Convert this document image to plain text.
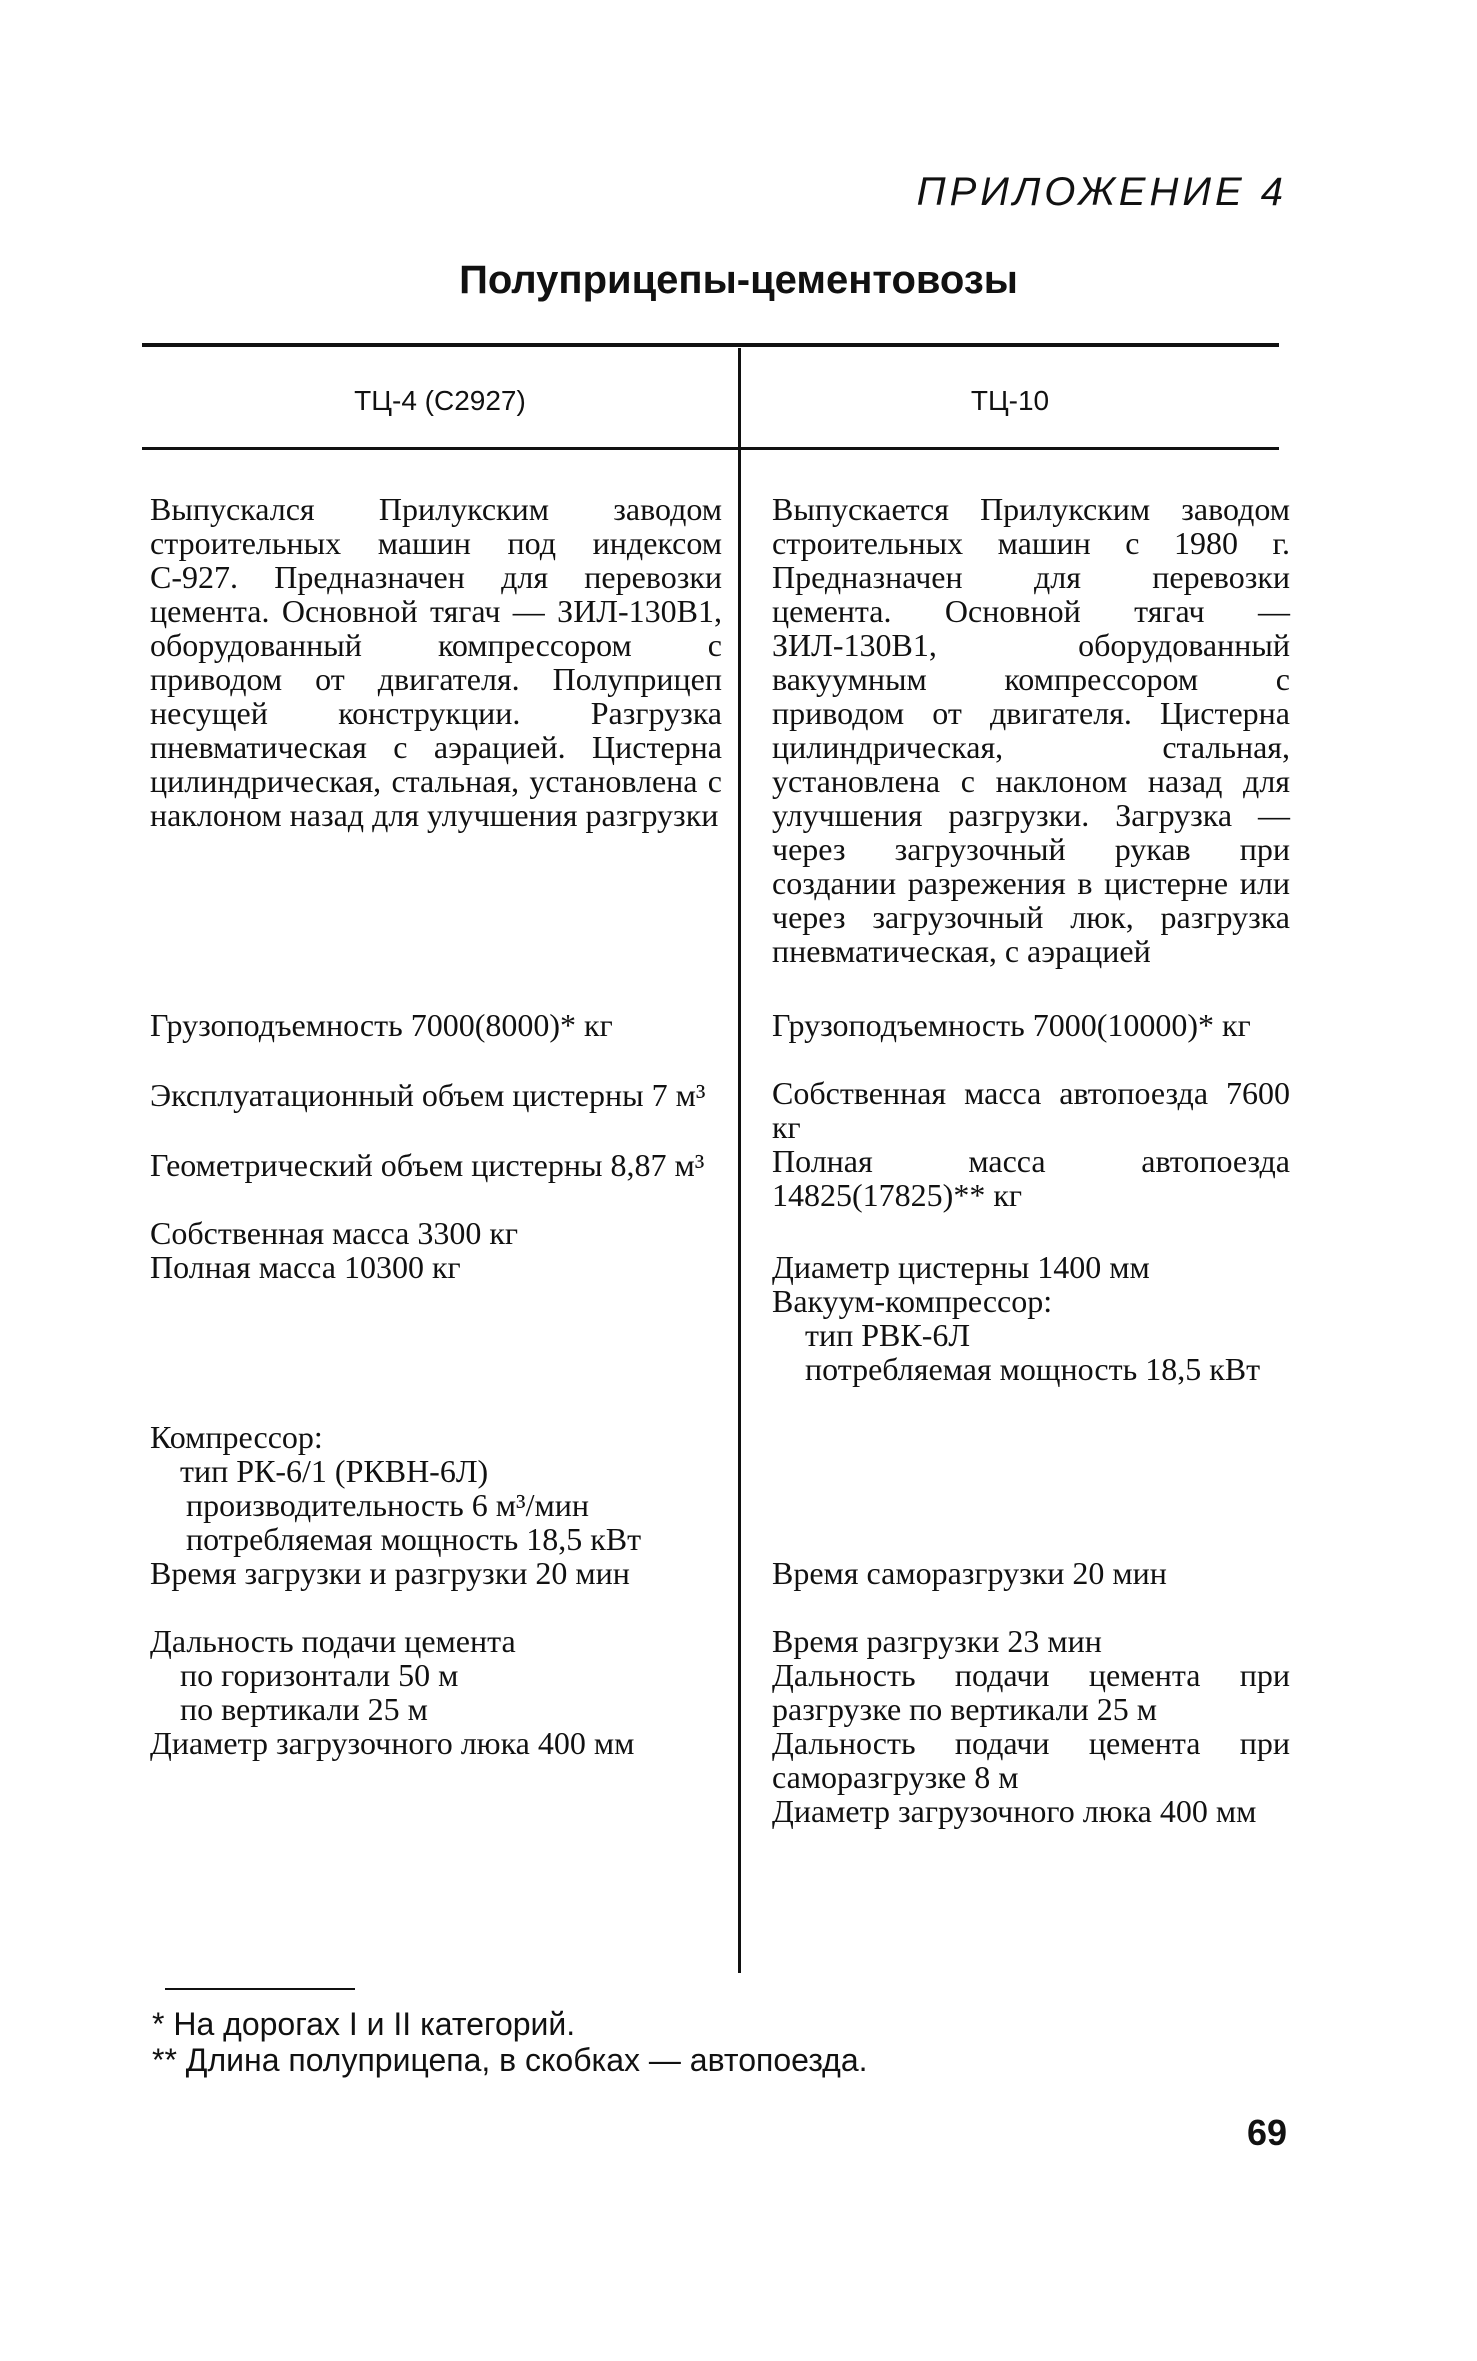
ПРИЛОЖЕНИЕ 4

Полуприцепы-цементовозы
ТЦ-4 (С2927)	ТЦ-10

Выпускался Прилукским заводом строительных машин под индексом С-927. Предназначен для перевозки цемента. Основной тягач — ЗИЛ-130В1, оборудованный компрессором с приводом от двигателя. Полуприцеп несущей конструкции. Разгрузка пневматическая с аэрацией. Цистерна цилиндрическая, стальная, установлена с наклоном назад для улучшения разгрузки

Грузоподъемность 7000(8000)* кг

Эксплуатационный объем цистерны 7 м³

Геометрический объем цистерны 8,87 м³

Собственная масса 3300 кг

Полная масса 10300 кг

Компрессор:

тип РК-6/1 (РКВН-6Л)

производительность 6 м³/мин

потребляемая мощность 18,5 кВт

Время загрузки и разгрузки 20 мин

Дальность подачи цемента

по горизонтали 50 м

по вертикали 25 м

Диаметр загрузочного люка 400 мм

Выпускается Прилукским заводом строительных машин с 1980 г. Предназначен для перевозки цемента. Основной тягач — ЗИЛ-130В1, оборудованный вакуумным компрессором с приводом от двигателя. Цистерна цилиндрическая, стальная, установлена с наклоном назад для улучшения разгрузки. Загрузка — через загрузочный рукав при создании разрежения в цистерне или через загрузочный люк, разгрузка пневматическая, с аэрацией

Грузоподъемность 7000(10000)* кг

Собственная масса автопоезда 7600 кг

Полная масса автопоезда 14825(17825)** кг

Диаметр цистерны 1400 мм

Вакуум-компрессор:

тип РВК-6Л

потребляемая мощность 18,5 кВт

Время саморазгрузки 20 мин

Время разгрузки 23 мин

Дальность подачи цемента при разгрузке по вертикали 25 м

Дальность подачи цемента при саморазгрузке 8 м

Диаметр загрузочного люка 400 мм

* На дорогах I и II категорий.

** Длина полуприцепа, в скобках — автопоезда.

69
